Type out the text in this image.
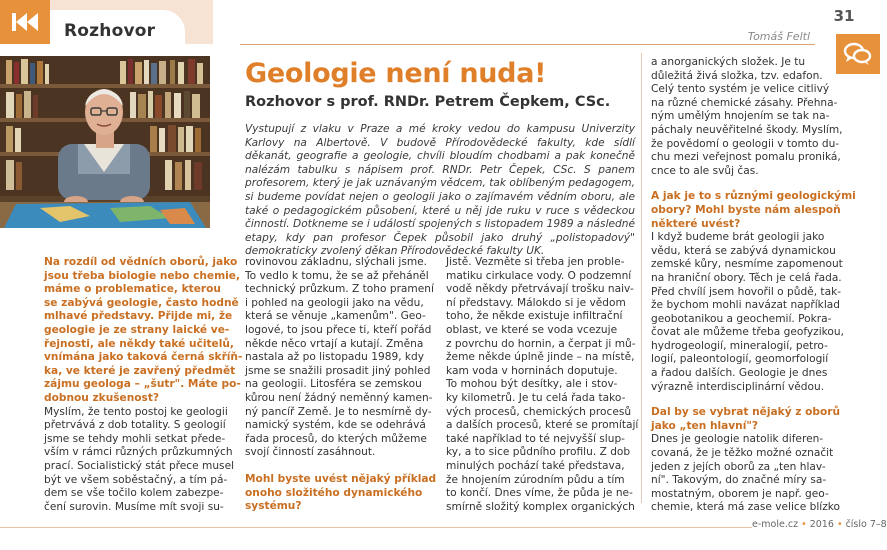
Rozhovor	Tomáš Feltl
31
Geologie není nuda!
Rozhovor s prof. RNDr. Petrem Čepkem, CSc.
Vystupují z vlaku v Praze a mé kroky vedou do kampusu Univerzity Karlovy na Albertově. V budově Přírodovědecké fakulty, kde sídlí děkanát, geografie a geologie, chvíli bloudím chodbami a pak konečně nalézám tabulku s nápisem prof. RNDr. Petr Čepek, CSc. S panem profesorem, který je jak uznávaným vědcem, tak oblíbeným pedagogem, si budeme povídat nejen o geologii jako o zajímavém vědním oboru, ale také o pedagogickém působení, které u něj jde ruku v ruce s vědeckou činností. Dotkneme se i událostí spojených s listopadem 1989 a následné etapy, kdy pan profesor Čepek působil jako druhý „polistopadový" demokraticky zvolený děkan Přírodovědecké fakulty UK.
Na rozdíl od vědních oborů, jako
jsou třeba biologie nebo chemie,
máme o problematice, kterou
se zabývá geologie, často hodně
mlhavé představy. Přijde mi, že
geologie je ze strany laické ve-
řejnosti, ale někdy také učitelů,
vnímána jako taková černá skříň-
ka, ve které je zavřený předmět
zájmu geologa – „šutr". Máte po-
dobnou zkušenost?
Myslím, že tento postoj ke geologii
přetrvává z dob totality. S geologií
jsme se tehdy mohli setkat přede-
vším v rámci různých průzkumných
prací. Socialistický stát přece musel
být ve všem soběstačný, a tím pá-
dem se vše točilo kolem zabezpe-
čení surovin. Musíme mít svoji su-
rovinovou základnu, slýchali jsme.
To vedlo k tomu, že se až přeháněl
technický průzkum. Z toho pramení
i pohled na geologii jako na vědu,
která se věnuje „kamenům". Geo-
logové, to jsou přece ti, kteří pořád
někde něco vrtají a kutají. Změna
nastala až po listopadu 1989, kdy
jsme se snažili prosadit jiný pohled
na geologii. Litosféra se zemskou
kůrou není žádný neměnný kamen-
ný pancíř Země. Je to nesmírně dy-
namický systém, kde se odehrává
řada procesů, do kterých můžeme
svojí činností zasáhnout.
Mohl byste uvést nějaký příklad
onoho složitého dynamického
systému?
Jistě. Vezměte si třeba jen proble-
matiku cirkulace vody. O podzemní
vodě někdy přetrvávají trošku naiv-
ní představy. Málokdo si je vědom
toho, že někde existuje infiltrační
oblast, ve které se voda vcezuje
z povrchu do hornin, a čerpat ji mů-
žeme někde úplně jinde – na místě,
kam voda v horninách doputuje.
To mohou být desítky, ale i stov-
ky kilometrů. Je tu celá řada tako-
vých procesů, chemických procesů
a dalších procesů, které se promítají
také například to té nejvyšší slup-
ky, a to sice půdního profilu. Z dob
minulých pochází také představa,
že hnojením zúrodním půdu a tím
to končí. Dnes víme, že půda je ne-
smírně složitý komplex organických
a anorganických složek. Je tu
důležitá živá složka, tzv. edafon.
Celý tento systém je velice citlivý
na různé chemické zásahy. Přehna-
ným umělým hnojením se tak na-
páchaly neuvěřitelné škody. Myslím,
že povědomí o geologii v tomto du-
chu mezi veřejnost pomalu proniká,
cnce to ale svůj čas.
A jak je to s různými geologickými
obory? Mohl byste nám alespoň
některé uvést?
I když budeme brát geologii jako
vědu, která se zabývá dynamickou
zemské kůry, nesmíme zapomenout
na hraniční obory. Těch je celá řada.
Před chvílí jsem hovořil o půdě, tak-
že bychom mohli navázat například
geobotanikou a geochemií. Pokra-
čovat ale můžeme třeba geofyzikou,
hydrogeologií, mineralogií, petro-
logií, paleontologií, geomorfologií
a řadou dalších. Geologie je dnes
výrazně interdisciplinární vědou.
Dal by se vybrat nějaký z oborů
jako „ten hlavní"?
Dnes je geologie natolik diferen-
covaná, že je těžko možné označit
jeden z jejích oborů za „ten hlav-
ní". Takovým, do značné míry sa-
mostatným, oborem je např. geo-
chemie, která má zase velice blízko
e-mole.cz • 2016 • číslo 7–8
